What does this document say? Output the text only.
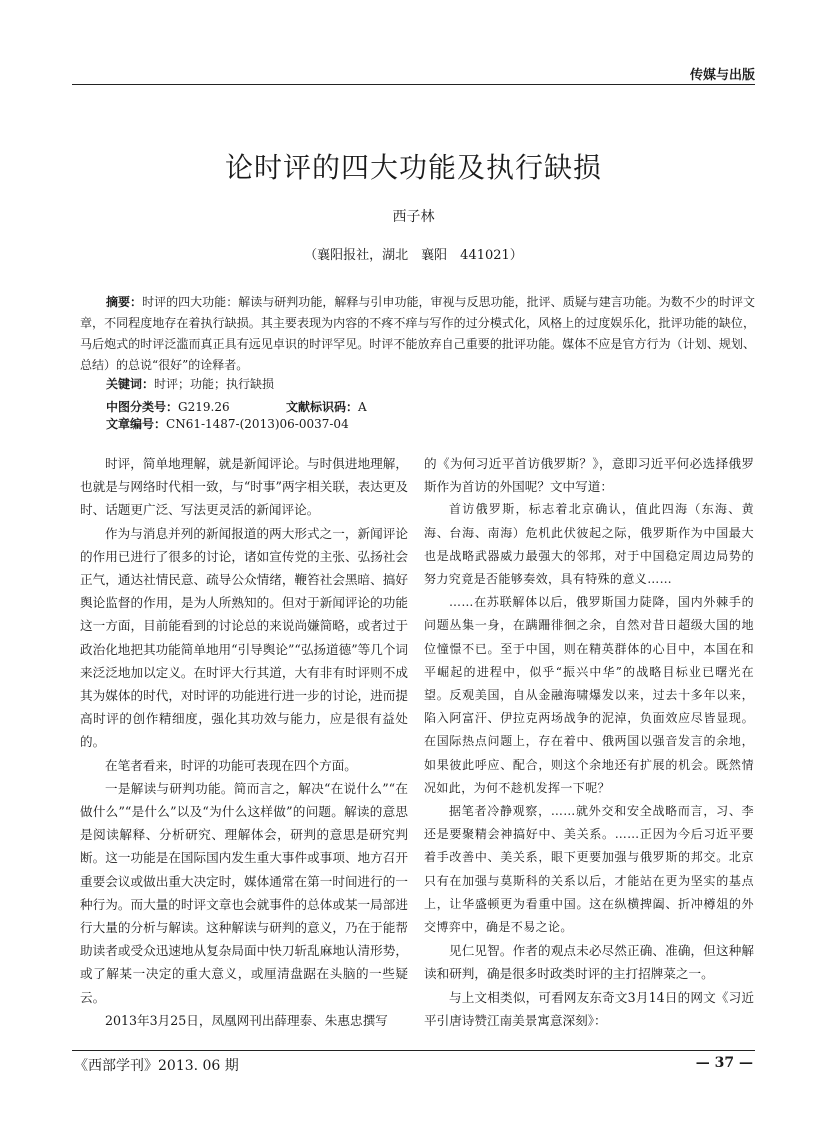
传媒与出版
论时评的四大功能及执行缺损
西子林
（襄阳报社，湖北　襄阳　441021）
摘要：时评的四大功能：解读与研判功能，解释与引申功能，审视与反思功能，批评、质疑与建言功能。为数不少的时评文章，不同程度地存在着执行缺损。其主要表现为内容的不疼不痒与写作的过分模式化，风格上的过度娱乐化，批评功能的缺位，马后炮式的时评泛滥而真正具有远见卓识的时评罕见。时评不能放弃自己重要的批评功能。媒体不应是官方行为（计划、规划、总结）的总说“很好”的诠释者。
关键词：时评；功能；执行缺损
中图分类号：G219.26	文献标识码：A文章编号：CN61-1487-(2013)06-0037-04

时评，简单地理解，就是新闻评论。与时俱进地理解，也就是与网络时代相一致，与“时事”两字相关联，表达更及时、话题更广泛、写法更灵活的新闻评论。

作为与消息并列的新闻报道的两大形式之一，新闻评论的作用已进行了很多的讨论，诸如宣传党的主张、弘扬社会正气，通达社情民意、疏导公众情绪，鞭笞社会黑暗、搞好舆论监督的作用，是为人所熟知的。但对于新闻评论的功能这一方面，目前能看到的讨论总的来说尚嫌简略，或者过于政治化地把其功能简单地用“引导舆论”“弘扬道德”等几个词来泛泛地加以定义。在时评大行其道，大有非有时评则不成其为媒体的时代，对时评的功能进行进一步的讨论，进而提高时评的创作精细度，强化其功效与能力，应是很有益处的。

在笔者看来，时评的功能可表现在四个方面。

一是解读与研判功能。简而言之，解决“在说什么”“在做什么”“是什么”以及“为什么这样做”的问题。解读的意思是阅读解释、分析研究、理解体会，研判的意思是研究判断。这一功能是在国际国内发生重大事件或事项、地方召开重要会议或做出重大决定时，媒体通常在第一时间进行的一种行为。而大量的时评文章也会就事件的总体或某一局部进行大量的分析与解读。这种解读与研判的意义，乃在于能帮助读者或受众迅速地从复杂局面中快刀斩乱麻地认清形势，或了解某一决定的重大意义，或厘清盘踞在头脑的一些疑云。

2013年3月25日，凤凰网刊出薛理泰、朱惠忠撰写

的《为何习近平首访俄罗斯？》，意即习近平何必选择俄罗斯作为首访的外国呢？文中写道：

首访俄罗斯，标志着北京确认，值此四海（东海、黄海、台海、南海）危机此伏彼起之际，俄罗斯作为中国最大也是战略武器威力最强大的邻邦，对于中国稳定周边局势的努力究竟是否能够奏效，具有特殊的意义……

……在苏联解体以后，俄罗斯国力陡降，国内外棘手的问题丛集一身，在蹒跚徘徊之余，自然对昔日超级大国的地位憧憬不已。至于中国，则在精英群体的心目中，本国在和平崛起的进程中，似乎“振兴中华”的战略目标业已曙光在望。反观美国，自从金融海啸爆发以来，过去十多年以来，陷入阿富汗、伊拉克两场战争的泥淖，负面效应尽皆显现。在国际热点问题上，存在着中、俄两国以强音发言的余地，如果彼此呼应、配合，则这个余地还有扩展的机会。既然情况如此，为何不趁机发挥一下呢？

据笔者冷静观察，……就外交和安全战略而言，习、李还是要聚精会神搞好中、美关系。……正因为今后习近平要着手改善中、美关系，眼下更要加强与俄罗斯的邦交。北京只有在加强与莫斯科的关系以后，才能站在更为坚实的基点上，让华盛顿更为看重中国。这在纵横捭阖、折冲樽俎的外交博弈中，确是不易之论。

见仁见智。作者的观点未必尽然正确、准确，但这种解读和研判，确是很多时政类时评的主打招牌菜之一。

与上文相类似，可看网友东奇文3月14日的网文《习近平引唐诗赞江南美景寓意深刻》：

《西部学刊》2013. 06 期	— 37 —
